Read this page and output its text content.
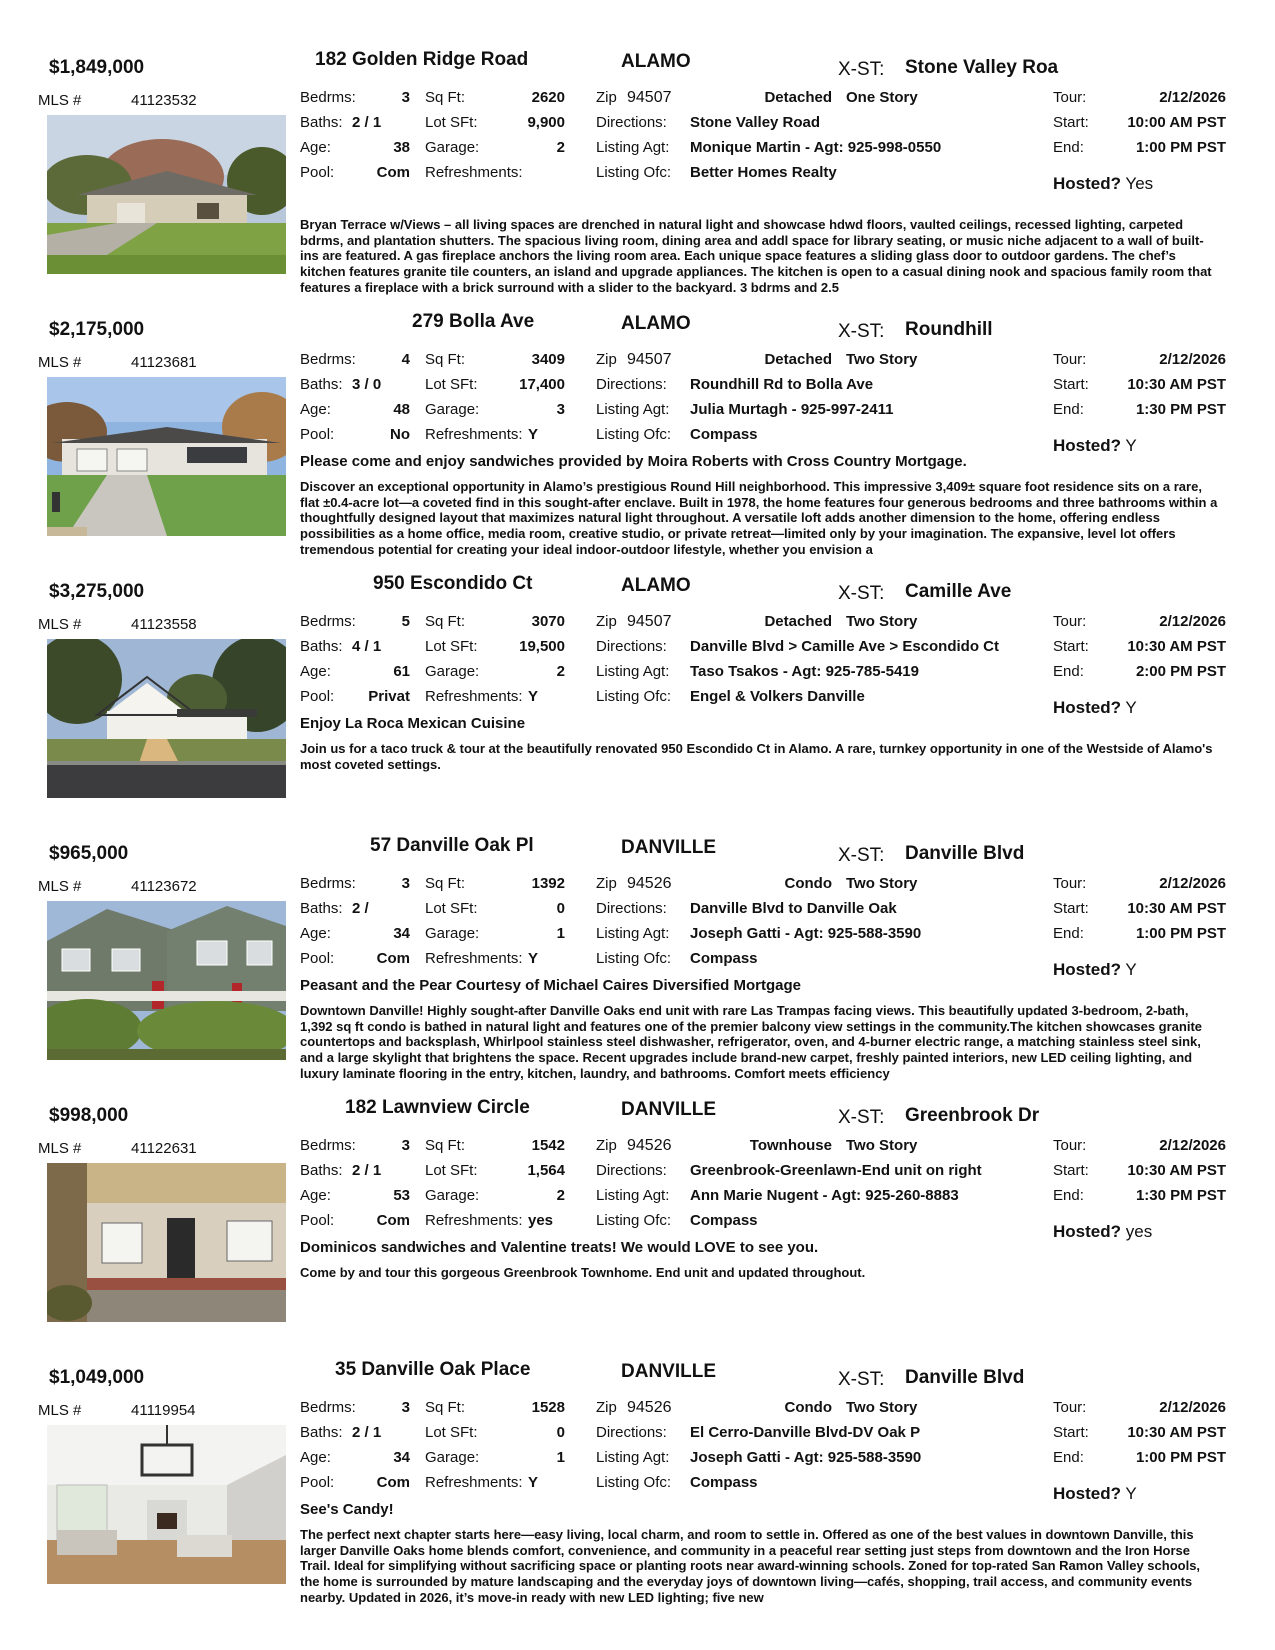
$1,849,000	182 Golden Ridge Road	ALAMO	X-ST: Stone Valley Roa
MLS #	41123532	Bedrms:	3
Baths: 2 / 1
Age:	38
Pool:	Com
Sq Ft:	2620
Lot SFt:	9,900
Garage:	2
Refreshments:
Zip 94507	Detached One Story
Directions: Stone Valley Road
Listing Agt: Monique Martin - Agt: 925-998-0550
Listing Ofc: Better Homes Realty
Tour:	2/12/2026
Start:	10:00 AM PST
End:	1:00 PM PST
Hosted? Yes
Bryan Terrace w/Views – all living spaces are drenched in natural light and showcase hdwd floors, vaulted ceilings, recessed lighting, carpeted bdrms, and plantation shutters. The spacious living room, dining area and addl space for library seating, or music niche adjacent to a wall of built-ins are featured. A gas fireplace anchors the living room area. Each unique space features a sliding glass door to outdoor gardens. The chef’s kitchen features granite tile counters, an island and upgrade appliances. The kitchen is open to a casual dining nook and spacious family room that features a fireplace with a brick surround with a slider to the backyard. 3 bdrms and 2.5
$2,175,000	279 Bolla Ave	ALAMO	X-ST: Roundhill
MLS #	41123681	Bedrms:	4
Baths: 3 / 0
Age:	48
Pool:	No
Sq Ft:	3409
Lot SFt:	17,400
Garage:	3
Refreshments: Y
Zip 94507	Detached Two Story
Directions: Roundhill Rd to Bolla Ave
Listing Agt: Julia Murtagh - 925-997-2411
Listing Ofc: Compass
Tour:	2/12/2026
Start:	10:30 AM PST
End:	1:30 PM PST
Hosted? Y
Please come and enjoy sandwiches provided by Moira Roberts with Cross Country Mortgage.
Discover an exceptional opportunity in Alamo’s prestigious Round Hill neighborhood. This impressive 3,409± square foot residence sits on a rare, flat ±0.4-acre lot—a coveted find in this sought-after enclave. Built in 1978, the home features four generous bedrooms and three bathrooms within a thoughtfully designed layout that maximizes natural light throughout. A versatile loft adds another dimension to the home, offering endless possibilities as a home office, media room, creative studio, or private retreat—limited only by your imagination. The expansive, level lot offers tremendous potential for creating your ideal indoor-outdoor lifestyle, whether you envision a
$3,275,000	950 Escondido Ct	ALAMO	X-ST: Camille Ave
MLS #	41123558	Bedrms:	5
Baths: 4 / 1
Age:	61
Pool:	Privat
Sq Ft:	3070
Lot SFt:	19,500
Garage:	2
Refreshments: Y
Zip 94507	Detached Two Story
Directions: Danville Blvd > Camille Ave > Escondido Ct
Listing Agt: Taso Tsakos - Agt: 925-785-5419
Listing Ofc: Engel & Volkers Danville
Tour:	2/12/2026
Start:	10:30 AM PST
End:	2:00 PM PST
Hosted? Y
Enjoy La Roca Mexican Cuisine
Join us for a taco truck & tour at the beautifully renovated 950 Escondido Ct in Alamo. A rare, turnkey opportunity in one of the Westside of Alamo's most coveted settings.
$965,000	57 Danville Oak Pl	DANVILLE	X-ST: Danville Blvd
MLS #	41123672	Bedrms:	3
Baths: 2 /
Age:	34
Pool:	Com
Sq Ft:	1392
Lot SFt:	0
Garage:	1
Refreshments: Y
Zip 94526	Condo Two Story
Directions: Danville Blvd to Danville Oak
Listing Agt: Joseph Gatti - Agt: 925-588-3590
Listing Ofc: Compass
Tour:	2/12/2026
Start:	10:30 AM PST
End:	1:00 PM PST
Hosted? Y
Peasant and the Pear Courtesy of Michael Caires Diversified Mortgage
Downtown Danville! Highly sought-after Danville Oaks end unit with rare Las Trampas facing views. This beautifully updated 3-bedroom, 2-bath, 1,392 sq ft condo is bathed in natural light and features one of the premier balcony view settings in the community.The kitchen showcases granite countertops and backsplash, Whirlpool stainless steel dishwasher, refrigerator, oven, and 4-burner electric range, a matching stainless steel sink, and a large skylight that brightens the space. Recent upgrades include brand-new carpet, freshly painted interiors, new LED ceiling lighting, and luxury laminate flooring in the entry, kitchen, laundry, and bathrooms. Comfort meets efficiency
$998,000	182 Lawnview Circle	DANVILLE	X-ST: Greenbrook Dr
MLS #	41122631	Bedrms:	3
Baths: 2 / 1
Age:	53
Pool:	Com
Sq Ft:	1542
Lot SFt:	1,564
Garage:	2
Refreshments: yes
Zip 94526	Townhouse Two Story
Directions: Greenbrook-Greenlawn-End unit on right
Listing Agt: Ann Marie Nugent - Agt: 925-260-8883
Listing Ofc: Compass
Tour:	2/12/2026
Start:	10:30 AM PST
End:	1:30 PM PST
Hosted? yes
Dominicos sandwiches and Valentine treats! We would LOVE to see you.
Come by and tour this gorgeous Greenbrook Townhome. End unit and updated throughout.
$1,049,000	35 Danville Oak Place	DANVILLE	X-ST: Danville Blvd
MLS #	41119954	Bedrms:	3
Baths: 2 / 1
Age:	34
Pool:	Com
Sq Ft:	1528
Lot SFt:	0
Garage:	1
Refreshments: Y
Zip 94526	Condo Two Story
Directions: El Cerro-Danville Blvd-DV Oak P
Listing Agt: Joseph Gatti - Agt: 925-588-3590
Listing Ofc: Compass
Tour:	2/12/2026
Start:	10:30 AM PST
End:	1:00 PM PST
Hosted? Y
See's Candy!
The perfect next chapter starts here—easy living, local charm, and room to settle in. Offered as one of the best values in downtown Danville, this larger Danville Oaks home blends comfort, convenience, and community in a peaceful rear setting just steps from downtown and the Iron Horse Trail. Ideal for simplifying without sacrificing space or planting roots near award-winning schools. Zoned for top-rated San Ramon Valley schools, the home is surrounded by mature landscaping and the everyday joys of downtown living—cafés, shopping, trail access, and community events nearby. Updated in 2026, it’s move-in ready with new LED lighting; five new
